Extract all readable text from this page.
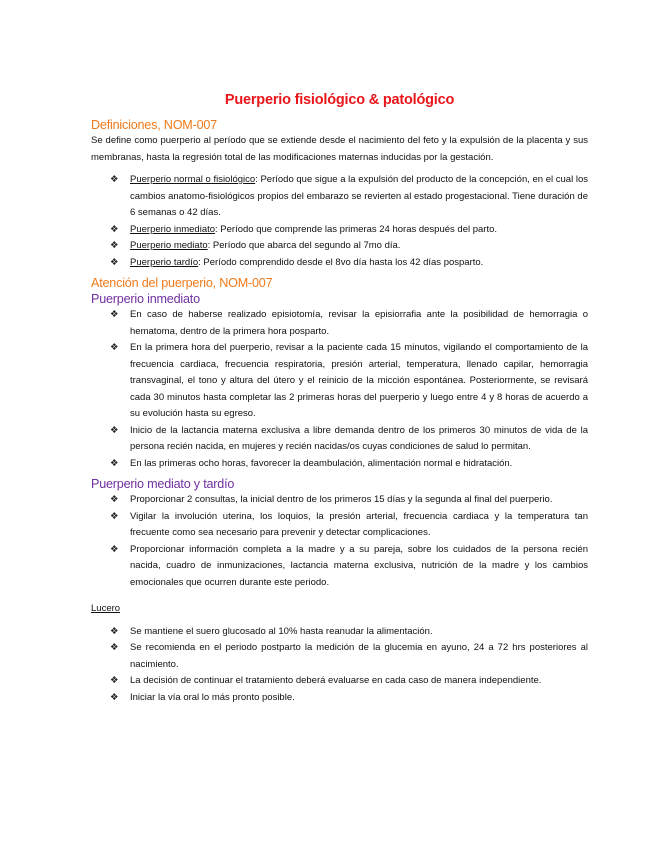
Puerperio fisiológico & patológico
Definiciones, NOM-007

Se define como puerperio al período que se extiende desde el nacimiento del feto y la expulsión de la placenta y sus membranas, hasta la regresión total de las modificaciones maternas inducidas por la gestación.

❖	Puerperio normal o fisiológico: Período que sigue a la expulsión del producto de la concepción, en el cual los cambios anatomo-fisiológicos propios del embarazo se revierten al estado progestacional. Tiene duración de 6 semanas o 42 días.
❖	Puerperio inmediato: Período que comprende las primeras 24 horas después del parto.
❖	Puerperio mediato: Período que abarca del segundo al 7mo día.
❖	Puerperio tardío: Período comprendido desde el 8vo día hasta los 42 días posparto.
Atención del puerperio, NOM-007
Puerperio inmediato
❖	En caso de haberse realizado episiotomía, revisar la episiorrafia ante la posibilidad de hemorragia o hematoma, dentro de la primera hora posparto.
❖	En la primera hora del puerperio, revisar a la paciente cada 15 minutos, vigilando el comportamiento de la frecuencia cardiaca, frecuencia respiratoria, presión arterial, temperatura, llenado capilar, hemorragia transvaginal, el tono y altura del útero y el reinicio de la micción espontánea. Posteriormente, se revisará cada 30 minutos hasta completar las 2 primeras horas del puerperio y luego entre 4 y 8 horas de acuerdo a su evolución hasta su egreso.
❖	Inicio de la lactancia materna exclusiva a libre demanda dentro de los primeros 30 minutos de vida de la persona recién nacida, en mujeres y recién nacidas/os cuyas condiciones de salud lo permitan.
❖	En las primeras ocho horas, favorecer la deambulación, alimentación normal e hidratación.
Puerperio mediato y tardío
❖	Proporcionar 2 consultas, la inicial dentro de los primeros 15 días y la segunda al final del puerperio.
❖	Vigilar la involución uterina, los loquios, la presión arterial, frecuencia cardiaca y la temperatura tan frecuente como sea necesario para prevenir y detectar complicaciones.
❖	Proporcionar información completa a la madre y a su pareja, sobre los cuidados de la persona recién nacida, cuadro de inmunizaciones, lactancia materna exclusiva, nutrición de la madre y los cambios emocionales que ocurren durante este periodo.

Lucero

❖	Se mantiene el suero glucosado al 10% hasta reanudar la alimentación.
❖	Se recomienda en el periodo postparto la medición de la glucemia en ayuno, 24 a 72 hrs posteriores al nacimiento.
❖	La decisión de continuar el tratamiento deberá evaluarse en cada caso de manera independiente.
❖	Iniciar la vía oral lo más pronto posible.
